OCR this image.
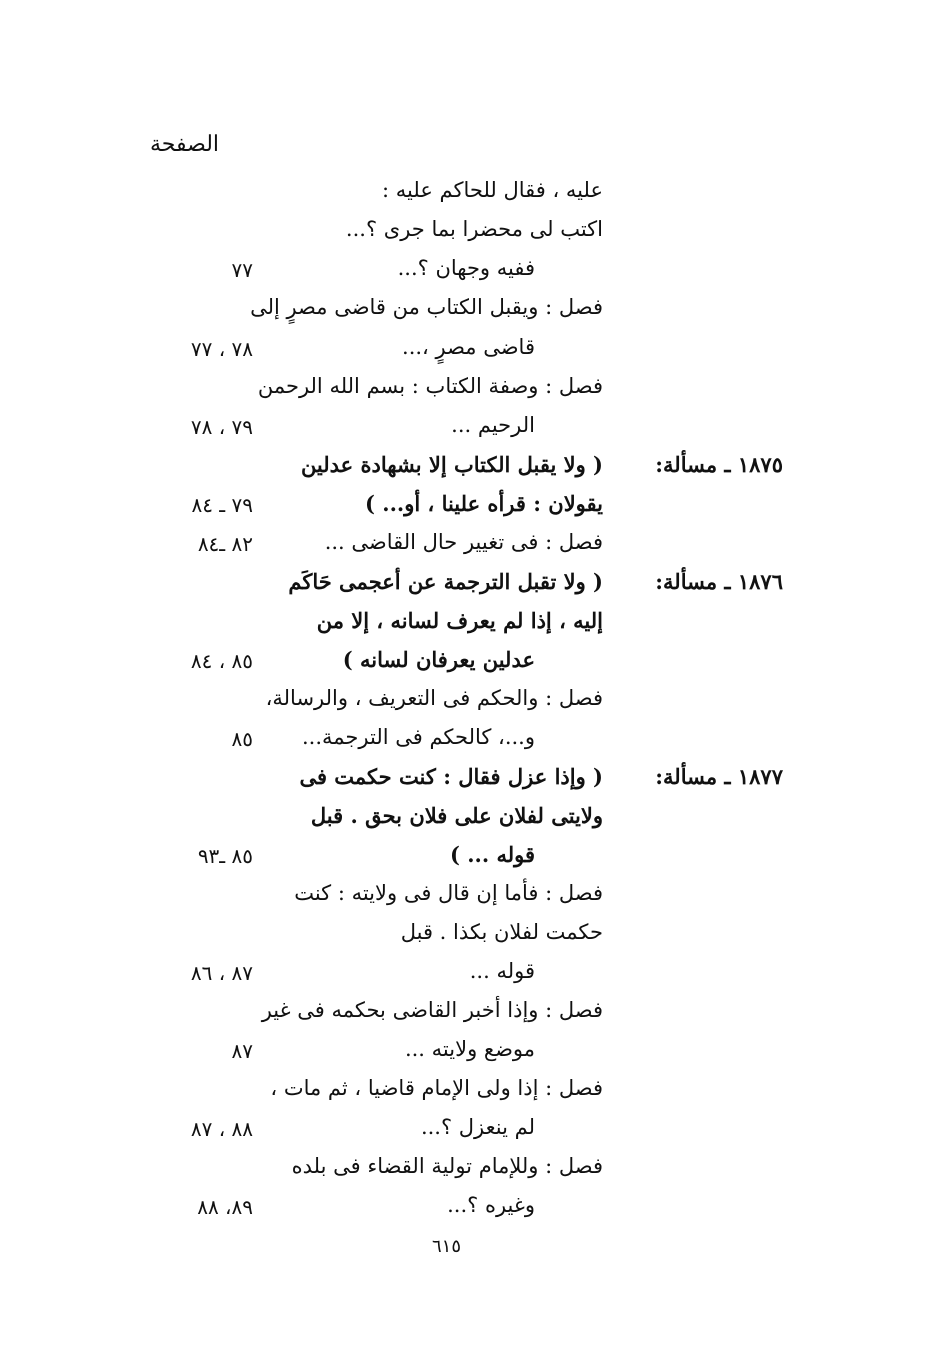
الصفحة
عليه ، فقال للحاكم عليه :
اكتب لى محضرا بما جرى ؟...
ففيه وجهان ؟...
فصل : ويقبل الكتاب من قاضى مصرٍ إلى
قاضى مصرٍ ،...
فصل : وصفة الكتاب : بسم الله الرحمن
الرحيم ...
( ولا يقبل الكتاب إلا بشهادة عدلين
يقولان : قرأه علينا ، أو... )
فصل : فى تغيير حال القاضى ...
( ولا تقبل الترجمة عن أعجمى حَاكَم
إليه ، إذا لم يعرف لسانه ، إلا من
عدلين يعرفان لسانه )
فصل : والحكم فى التعريف ، والرسالة،
و...، كالحكم فى الترجمة...
( وإذا عزل فقال : كنت حكمت فى
ولايتى لفلان على فلان بحق . قبل
قوله ... )
فصل : فأما إن قال فى ولايته : كنت
حكمت لفلان بكذا . قبل
قوله ...
فصل : وإذا أخبر القاضى بحكمه فى غير
موضع ولايته ...
فصل : إذا ولى الإمام قاضيا ، ثم مات ،
لم ينعزل ؟...
فصل : وللإمام تولية القضاء فى بلده
وغيره ؟...
١٨٧٥ ـ مسألة:
١٨٧٦ ـ مسألة:
١٨٧٧ ـ مسألة:
٧٧
٧٨ ، ٧٧
٧٩ ، ٧٨
٧٩ ـ ٨٤
٨٢ ـ٨٤
٨٥ ، ٨٤
٨٥
٨٥ ـ٩٣
٨٧ ، ٨٦
٨٧
٨٨ ، ٨٧
٨٩، ٨٨
٦١٥
